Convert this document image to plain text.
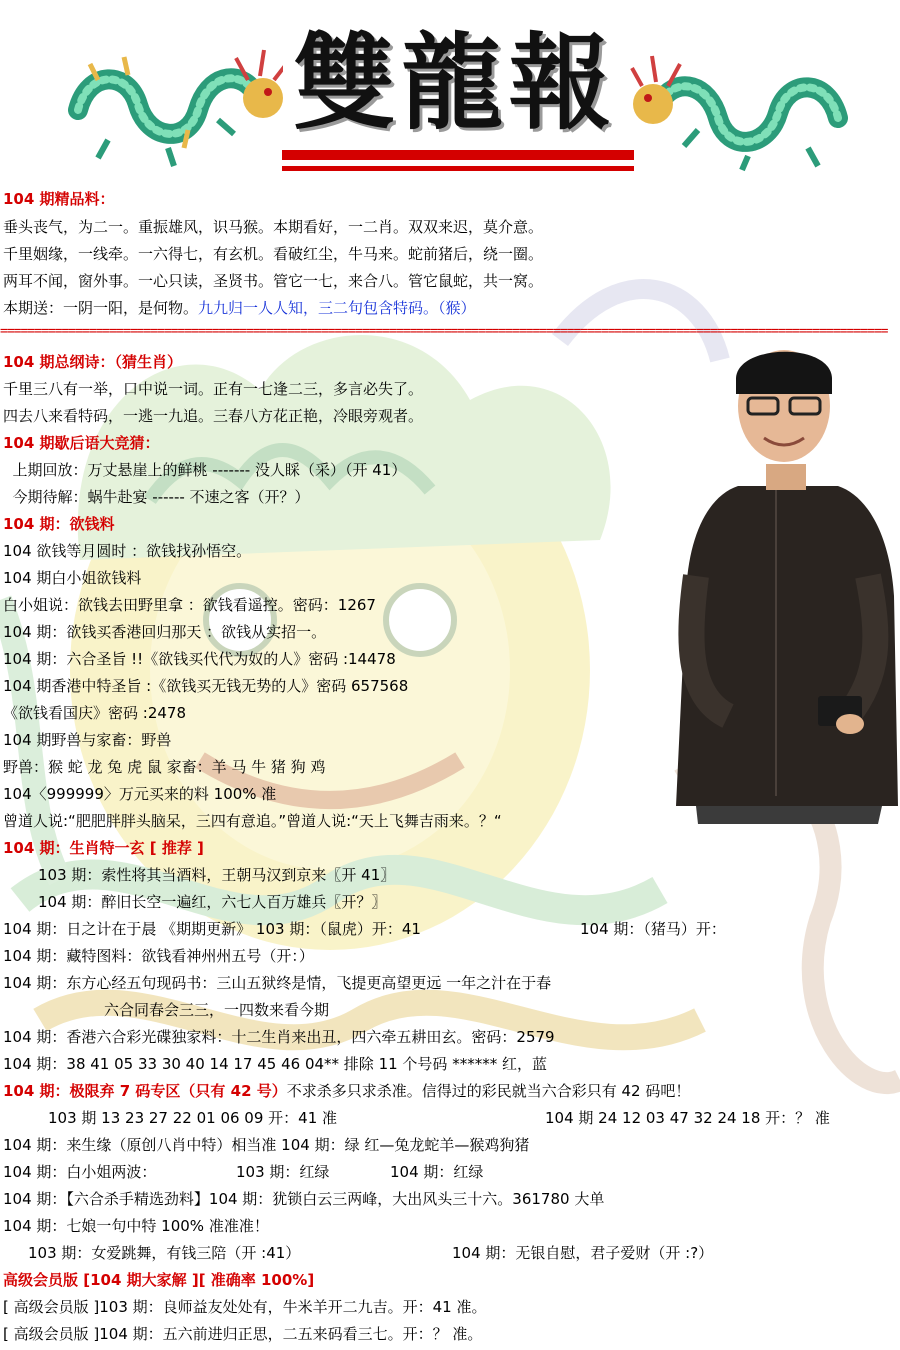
雙龍報
104 期精品料：
垂头丧气，为二一。重振雄风，识马猴。本期看好，一二肖。双双来迟，莫介意。
千里姻缘，一线牵。一六得七，有玄机。看破红尘，牛马来。蛇前猪后，绕一圈。
两耳不闻，窗外事。一心只读，圣贤书。管它一七，来合八。管它鼠蛇，共一窝。
本期送：一阴一阳，是何物。九九归一人人知，三二句包含特码。（猴）
==================================================================================================================================
104 期总纲诗：（猜生肖）
千里三八有一举，口中说一词。正有一七逢二三，多言必失了。
四去八来看特码，一逃一九追。三春八方花正艳，冷眼旁观者。
104 期歇后语大竞猜：
上期回放：万丈悬崖上的鲜桃 ------- 没人睬（采）（开 41）
今期待解：蜗牛赴宴 ------ 不速之客（开？）
104 期：欲钱料
104 欲钱等月圆时 ：欲钱找孙悟空。
104 期白小姐欲钱料
白小姐说：欲钱去田野里拿 ：欲钱看遥控。密码：1267
104 期：欲钱买香港回归那天 ：欲钱从实招一。
104 期：六合圣旨 !!《欲钱买代代为奴的人》密码 :14478
104 期香港中特圣旨 :《欲钱买无钱无势的人》密码 657568
《欲钱看国庆》密码 :2478
104 期野兽与家畜：野兽
野兽：猴 蛇 龙 兔 虎 鼠 家畜：羊 马 牛 猪 狗 鸡
104〈999999〉万元买来的料 100% 准
曾道人说:“肥肥胖胖头脑呆，三四有意追。”曾道人说:“天上飞舞吉雨来。？“
104 期：生肖特一玄 [ 推荐 ]
103 期：索性将其当酒料，王朝马汉到京来〖开 41〗
104 期：醉旧长空一遍红，六七人百万雄兵〖开？〗
104 期：日之计在于晨 《期期更新》 103 期：（鼠虎）开：41	104 期：（猪马）开：
104 期：藏特图料：欲钱看神州州五号（开：）
104 期：东方心经五句现码书：三山五狱终是情，飞提更高望更远 一年之汁在于春
六合同春会三三，一四数来看今期
104 期：香港六合彩光碟独家料：十二生肖来出丑，四六牵五耕田玄。密码：2579
104 期：38 41 05 33 30 40 14 17 45 46 04** 排除 11 个号码 ****** 红，蓝
104 期：极限弃 7 码专区（只有 42 号）不求杀多只求杀准。信得过的彩民就当六合彩只有 42 码吧！
103 期 13 23 27 22 01 06 09 开：41 准	104 期 24 12 03 47 32 24 18 开：？ 准
104 期：来生缘（原创八肖中特）相当准 104 期：绿 红—兔龙蛇羊—猴鸡狗猪
104 期：白小姐两波：	103 期：红绿	104 期：红绿
104 期：【六合杀手精选劲料】104 期：犹锁白云三两峰，大出风头三十六。361780 大单
104 期：七娘一句中特 100% 准准准！
103 期：女爱跳舞，有钱三陪（开 :41）	104 期：无银自慰，君子爱财（开 :?）
高级会员版 [104 期大家解 ][ 准确率 100%]
[ 高级会员版 ]103 期：良师益友处处有，牛米羊开二九吉。开：41 准。
[ 高级会员版 ]104 期：五六前进归正思，二五来码看三七。开：？ 准。
